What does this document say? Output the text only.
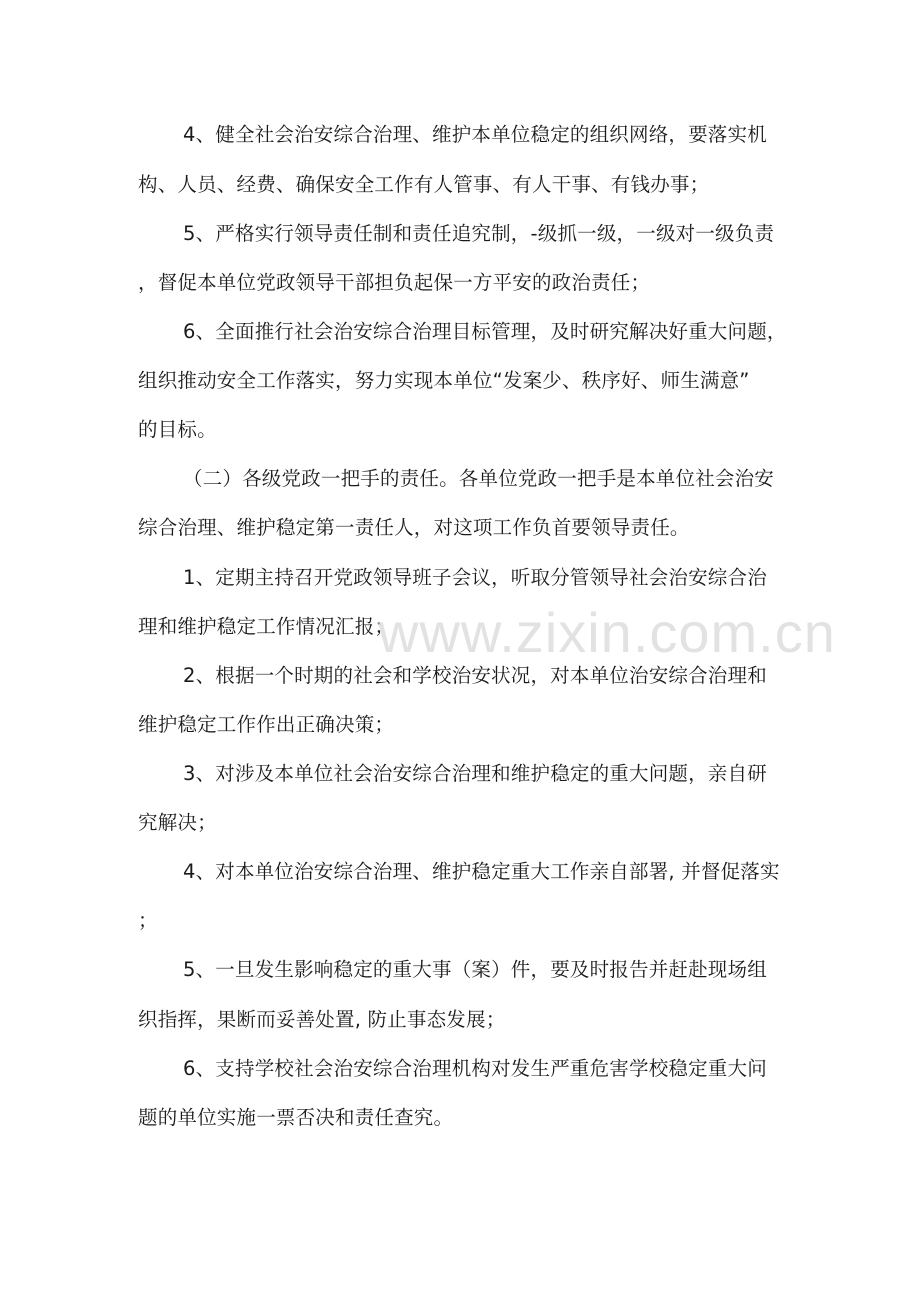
4、健全社会治安综合治理、维护本单位稳定的组织网络，要落实机
构、人员、经费、确保安全工作有人管事、有人干事、有钱办事；
5、严格实行领导责任制和责任追究制，-级抓一级，一级对一级负责
，督促本单位党政领导干部担负起保一方平安的政治责任；
6、全面推行社会治安综合治理目标管理，及时研究解决好重大问题，
组织推动安全工作落实，努力实现本单位“发案少、秩序好、师生满意”
的目标。
（二）各级党政一把手的责任。各单位党政一把手是本单位社会治安
综合治理、维护稳定第一责任人，对这项工作负首要领导责任。
1、定期主持召开党政领导班子会议，听取分管领导社会治安综合治
理和维护稳定工作情况汇报；
2、根据一个时期的社会和学校治安状况，对本单位治安综合治理和
维护稳定工作作出正确决策；
3、对涉及本单位社会治安综合治理和维护稳定的重大问题，亲自研
究解决；
4、对本单位治安综合治理、维护稳定重大工作亲自部署, 并督促落实
；
5、一旦发生影响稳定的重大事（案）件，要及时报告并赶赴现场组
织指挥，果断而妥善处置, 防止事态发展；
6、支持学校社会治安综合治理机构对发生严重危害学校稳定重大问
题的单位实施一票否决和责任查究。
www.zixin.com.cn
